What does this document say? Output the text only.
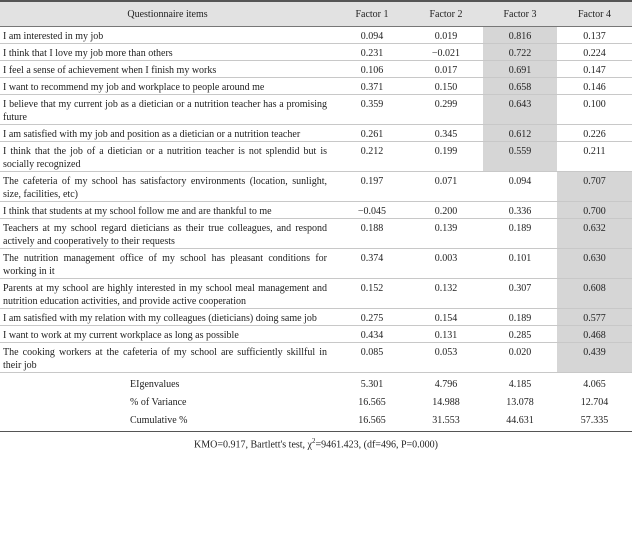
Questionnaire items	Factor 1	Factor 2	Factor 3	Factor 4
I am interested in my job	0.094	0.019	0.816	0.137
I think that I love my job more than others	0.231	−0.021	0.722	0.224
I feel a sense of achievement when I finish my works	0.106	0.017	0.691	0.147
I want to recommend my job and workplace to people around me	0.371	0.150	0.658	0.146
I believe that my current job as a dietician or a nutrition teacher has a promising future	0.359	0.299	0.643	0.100
I am satisfied with my job and position as a dietician or a nutrition teacher	0.261	0.345	0.612	0.226
I think that the job of a dietician or a nutrition teacher is not splendid but is socially recognized	0.212	0.199	0.559	0.211
The cafeteria of my school has satisfactory environments (location, sunlight, size, facilities, etc)	0.197	0.071	0.094	0.707
I think that students at my school follow me and are thankful to me	−0.045	0.200	0.336	0.700
Teachers at my school regard dieticians as their true colleagues, and respond actively and cooperatively to their requests	0.188	0.139	0.189	0.632
The nutrition management office of my school has pleasant conditions for working in it	0.374	0.003	0.101	0.630
Parents at my school are highly interested in my school meal management and nutrition education activities, and provide active cooperation	0.152	0.132	0.307	0.608
I am satisfied with my relation with my colleagues (dieticians) doing same job	0.275	0.154	0.189	0.577
I want to work at my current workplace as long as possible	0.434	0.131	0.285	0.468
The cooking workers at the cafeteria of my school are sufficiently skillful in their job	0.085	0.053	0.020	0.439
EIgenvalues	5.301	4.796	4.185	4.065
% of Variance	16.565	14.988	13.078	12.704
Cumulative %	16.565	31.553	44.631	57.335
KMO=0.917, Bartlett's test, $\chi^2=9461.423$, (df=496, P=0.000)
